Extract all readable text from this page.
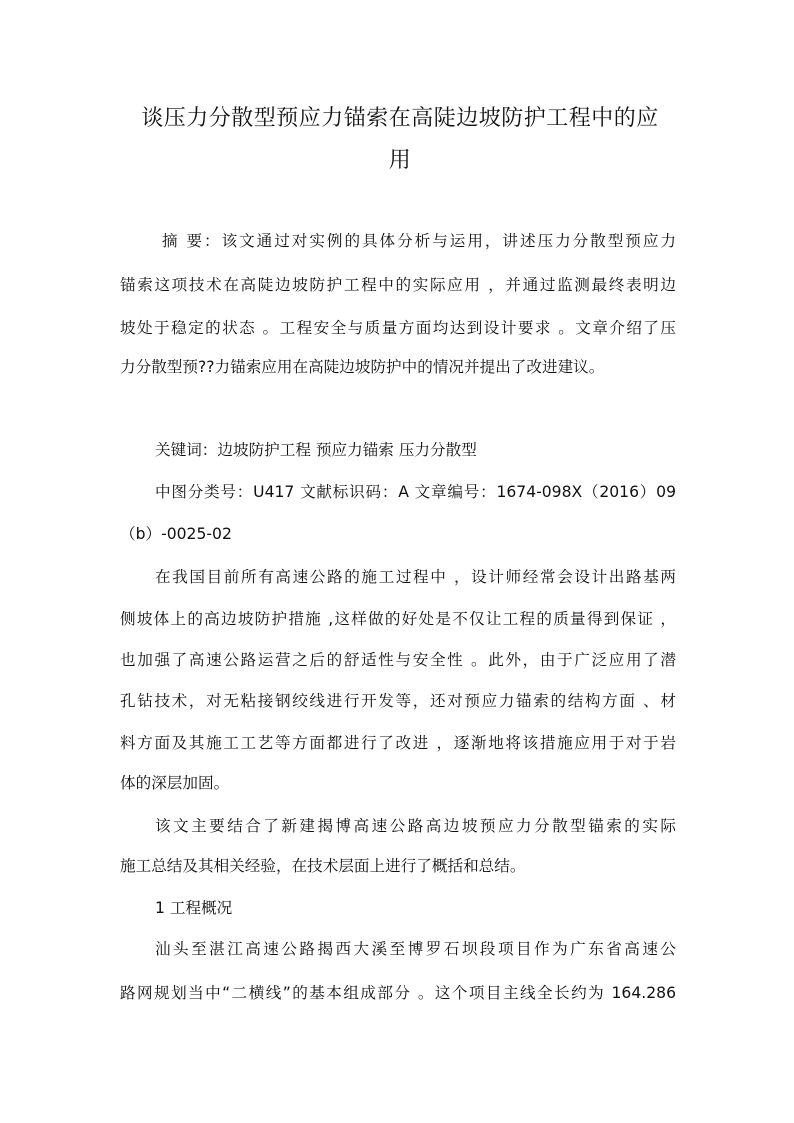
谈压力分散型预应力锚索在高陡边坡防护工程中的应
用
摘 要：该文通过对实例的具体分析与运用，讲述压力分散型预应力
锚索这项技术在高陡边坡防护工程中的实际应用 ，并通过监测最终表明边
坡处于稳定的状态 。工程安全与质量方面均达到设计要求 。文章介绍了压
力分散型预??力锚索应用在高陡边坡防护中的情况并提出了改进建议。
关键词：边坡防护工程 预应力锚索 压力分散型
中图分类号：U417 文献标识码：A 文章编号：1674-098X（2016）09
（b）-0025-02
在我国目前所有高速公路的施工过程中 ，设计师经常会设计出路基两
侧坡体上的高边坡防护措施 ,这样做的好处是不仅让工程的质量得到保证 ，
也加强了高速公路运营之后的舒适性与安全性 。此外，由于广泛应用了潜
孔钻技术，对无粘接钢绞线进行开发等，还对预应力锚索的结构方面 、材
料方面及其施工工艺等方面都进行了改进 ，逐渐地将该措施应用于对于岩
体的深层加固。
该文主要结合了新建揭博高速公路高边坡预应力分散型锚索的实际
施工总结及其相关经验，在技术层面上进行了概括和总结。
1 工程概况
汕头至湛江高速公路揭西大溪至博罗石坝段项目作为广东省高速公
路网规划当中“二横线”的基本组成部分 。这个项目主线全长约为 164.286
